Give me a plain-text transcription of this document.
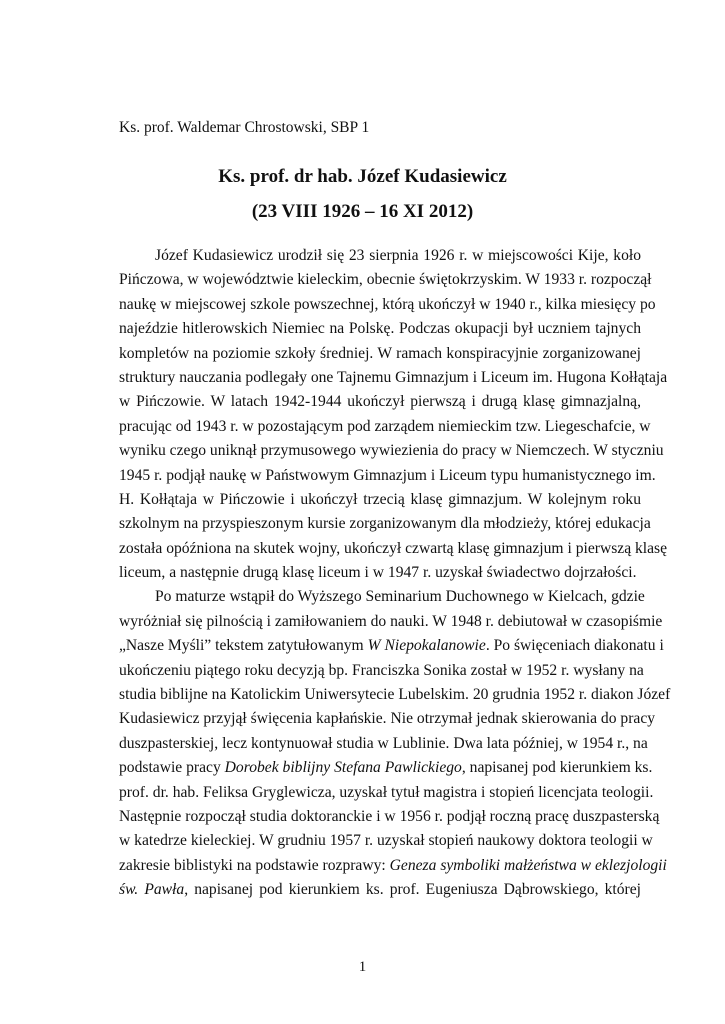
Ks. prof. Waldemar Chrostowski, SBP 1
Ks. prof. dr hab. Józef Kudasiewicz
(23 VIII 1926 – 16 XI 2012)
Józef Kudasiewicz urodził się 23 sierpnia 1926 r. w miejscowości Kije, koło
Pińczowa, w województwie kieleckim, obecnie świętokrzyskim. W 1933 r. rozpoczął
naukę w miejscowej szkole powszechnej, którą ukończył w 1940 r., kilka miesięcy po
najeździe hitlerowskich Niemiec na Polskę. Podczas okupacji był uczniem tajnych
kompletów na poziomie szkoły średniej. W ramach konspiracyjnie zorganizowanej
struktury nauczania podlegały one Tajnemu Gimnazjum i Liceum im. Hugona Kołłątaja
w Pińczowie. W latach 1942-1944 ukończył pierwszą i drugą klasę gimnazjalną,
pracując od 1943 r. w pozostającym pod zarządem niemieckim tzw. Liegeschafcie, w
wyniku czego uniknął przymusowego wywiezienia do pracy w Niemczech. W styczniu
1945 r. podjął naukę w Państwowym Gimnazjum i Liceum typu humanistycznego im.
H. Kołłątaja w Pińczowie i ukończył trzecią klasę gimnazjum. W kolejnym roku
szkolnym na przyspieszonym kursie zorganizowanym dla młodzieży, której edukacja
została opóźniona na skutek wojny, ukończył czwartą klasę gimnazjum i pierwszą klasę
liceum, a następnie drugą klasę liceum i w 1947 r. uzyskał świadectwo dojrzałości.
Po maturze wstąpił do Wyższego Seminarium Duchownego w Kielcach, gdzie
wyróżniał się pilnością i zamiłowaniem do nauki. W 1948 r. debiutował w czasopiśmie
„Nasze Myśli” tekstem zatytułowanym W Niepokalanowie. Po święceniach diakonatu i
ukończeniu piątego roku decyzją bp. Franciszka Sonika został w 1952 r. wysłany na
studia biblijne na Katolickim Uniwersytecie Lubelskim. 20 grudnia 1952 r. diakon Józef
Kudasiewicz przyjął święcenia kapłańskie. Nie otrzymał jednak skierowania do pracy
duszpasterskiej, lecz kontynuował studia w Lublinie. Dwa lata później, w 1954 r., na
podstawie pracy Dorobek biblijny Stefana Pawlickiego, napisanej pod kierunkiem ks.
prof. dr. hab. Feliksa Gryglewicza, uzyskał tytuł magistra i stopień licencjata teologii.
Następnie rozpoczął studia doktoranckie i w 1956 r. podjął roczną pracę duszpasterską
w katedrze kieleckiej. W grudniu 1957 r. uzyskał stopień naukowy doktora teologii w
zakresie biblistyki na podstawie rozprawy: Geneza symboliki małżeństwa w eklezjologii
św. Pawła, napisanej pod kierunkiem ks. prof. Eugeniusza Dąbrowskiego, której
1
